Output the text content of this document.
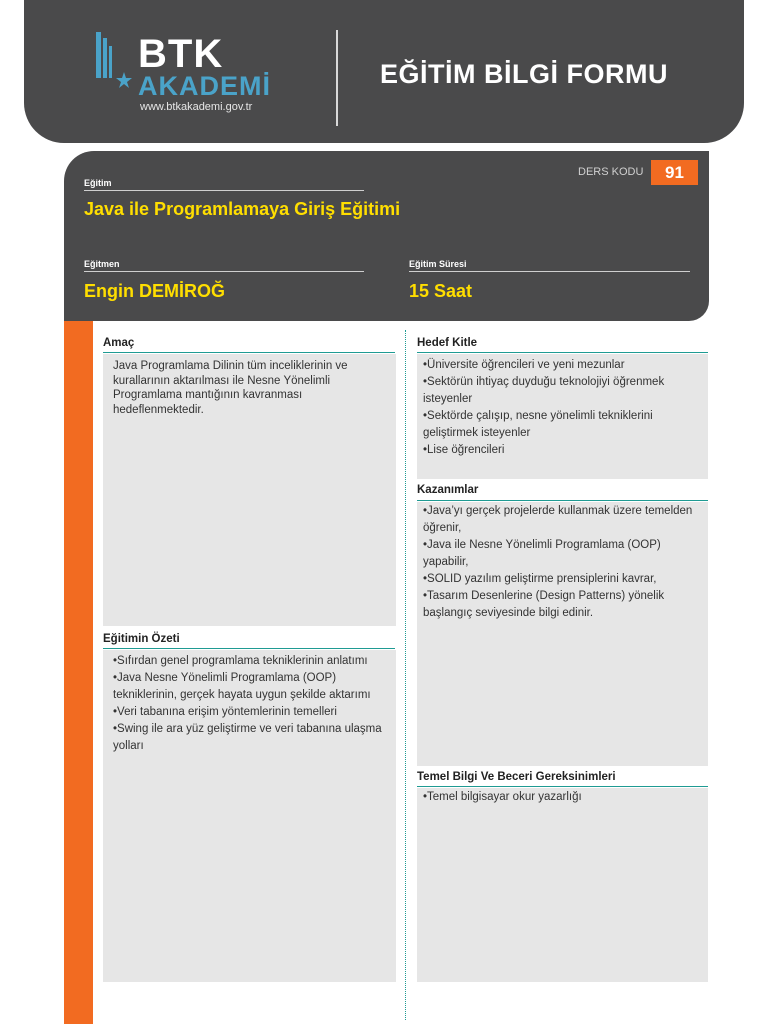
BTK
AKADEMİ
www.btkakademi.gov.tr
EĞİTİM BİLGİ FORMU
Eğitim
Java ile Programlamaya Giriş Eğitimi
DERS KODU	91
Eğitmen
Engin DEMİROĞ
Eğitim Süresi
15 Saat
Amaç

Java Programlama Dilinin tüm inceliklerinin ve kurallarının aktarılması ile Nesne Yönelimli Programlama mantığının kavranması hedeflenmektedir.

Eğitimin Özeti
• Sıfırdan genel programlama tekniklerinin anlatımı
• Java Nesne Yönelimli Programlama (OOP) tekniklerinin, gerçek hayata uygun şekilde aktarımı
• Veri tabanına erişim yöntemlerinin temelleri
• Swing ile ara yüz geliştirme ve veri tabanına ulaşma yolları
Hedef Kitle
• Üniversite öğrencileri ve yeni mezunlar
• Sektörün ihtiyaç duyduğu teknolojiyi öğrenmek isteyenler
• Sektörde çalışıp, nesne yönelimli tekniklerini geliştirmek isteyenler
• Lise öğrencileri
Kazanımlar
• Java’yı gerçek projelerde kullanmak üzere temelden öğrenir,
• Java ile Nesne Yönelimli Programlama (OOP) yapabilir,
• SOLID yazılım geliştirme prensiplerini kavrar,
• Tasarım Desenlerine (Design Patterns) yönelik başlangıç seviyesinde bilgi edinir.
Temel Bilgi Ve Beceri Gereksinimleri
• Temel bilgisayar okur yazarlığı
